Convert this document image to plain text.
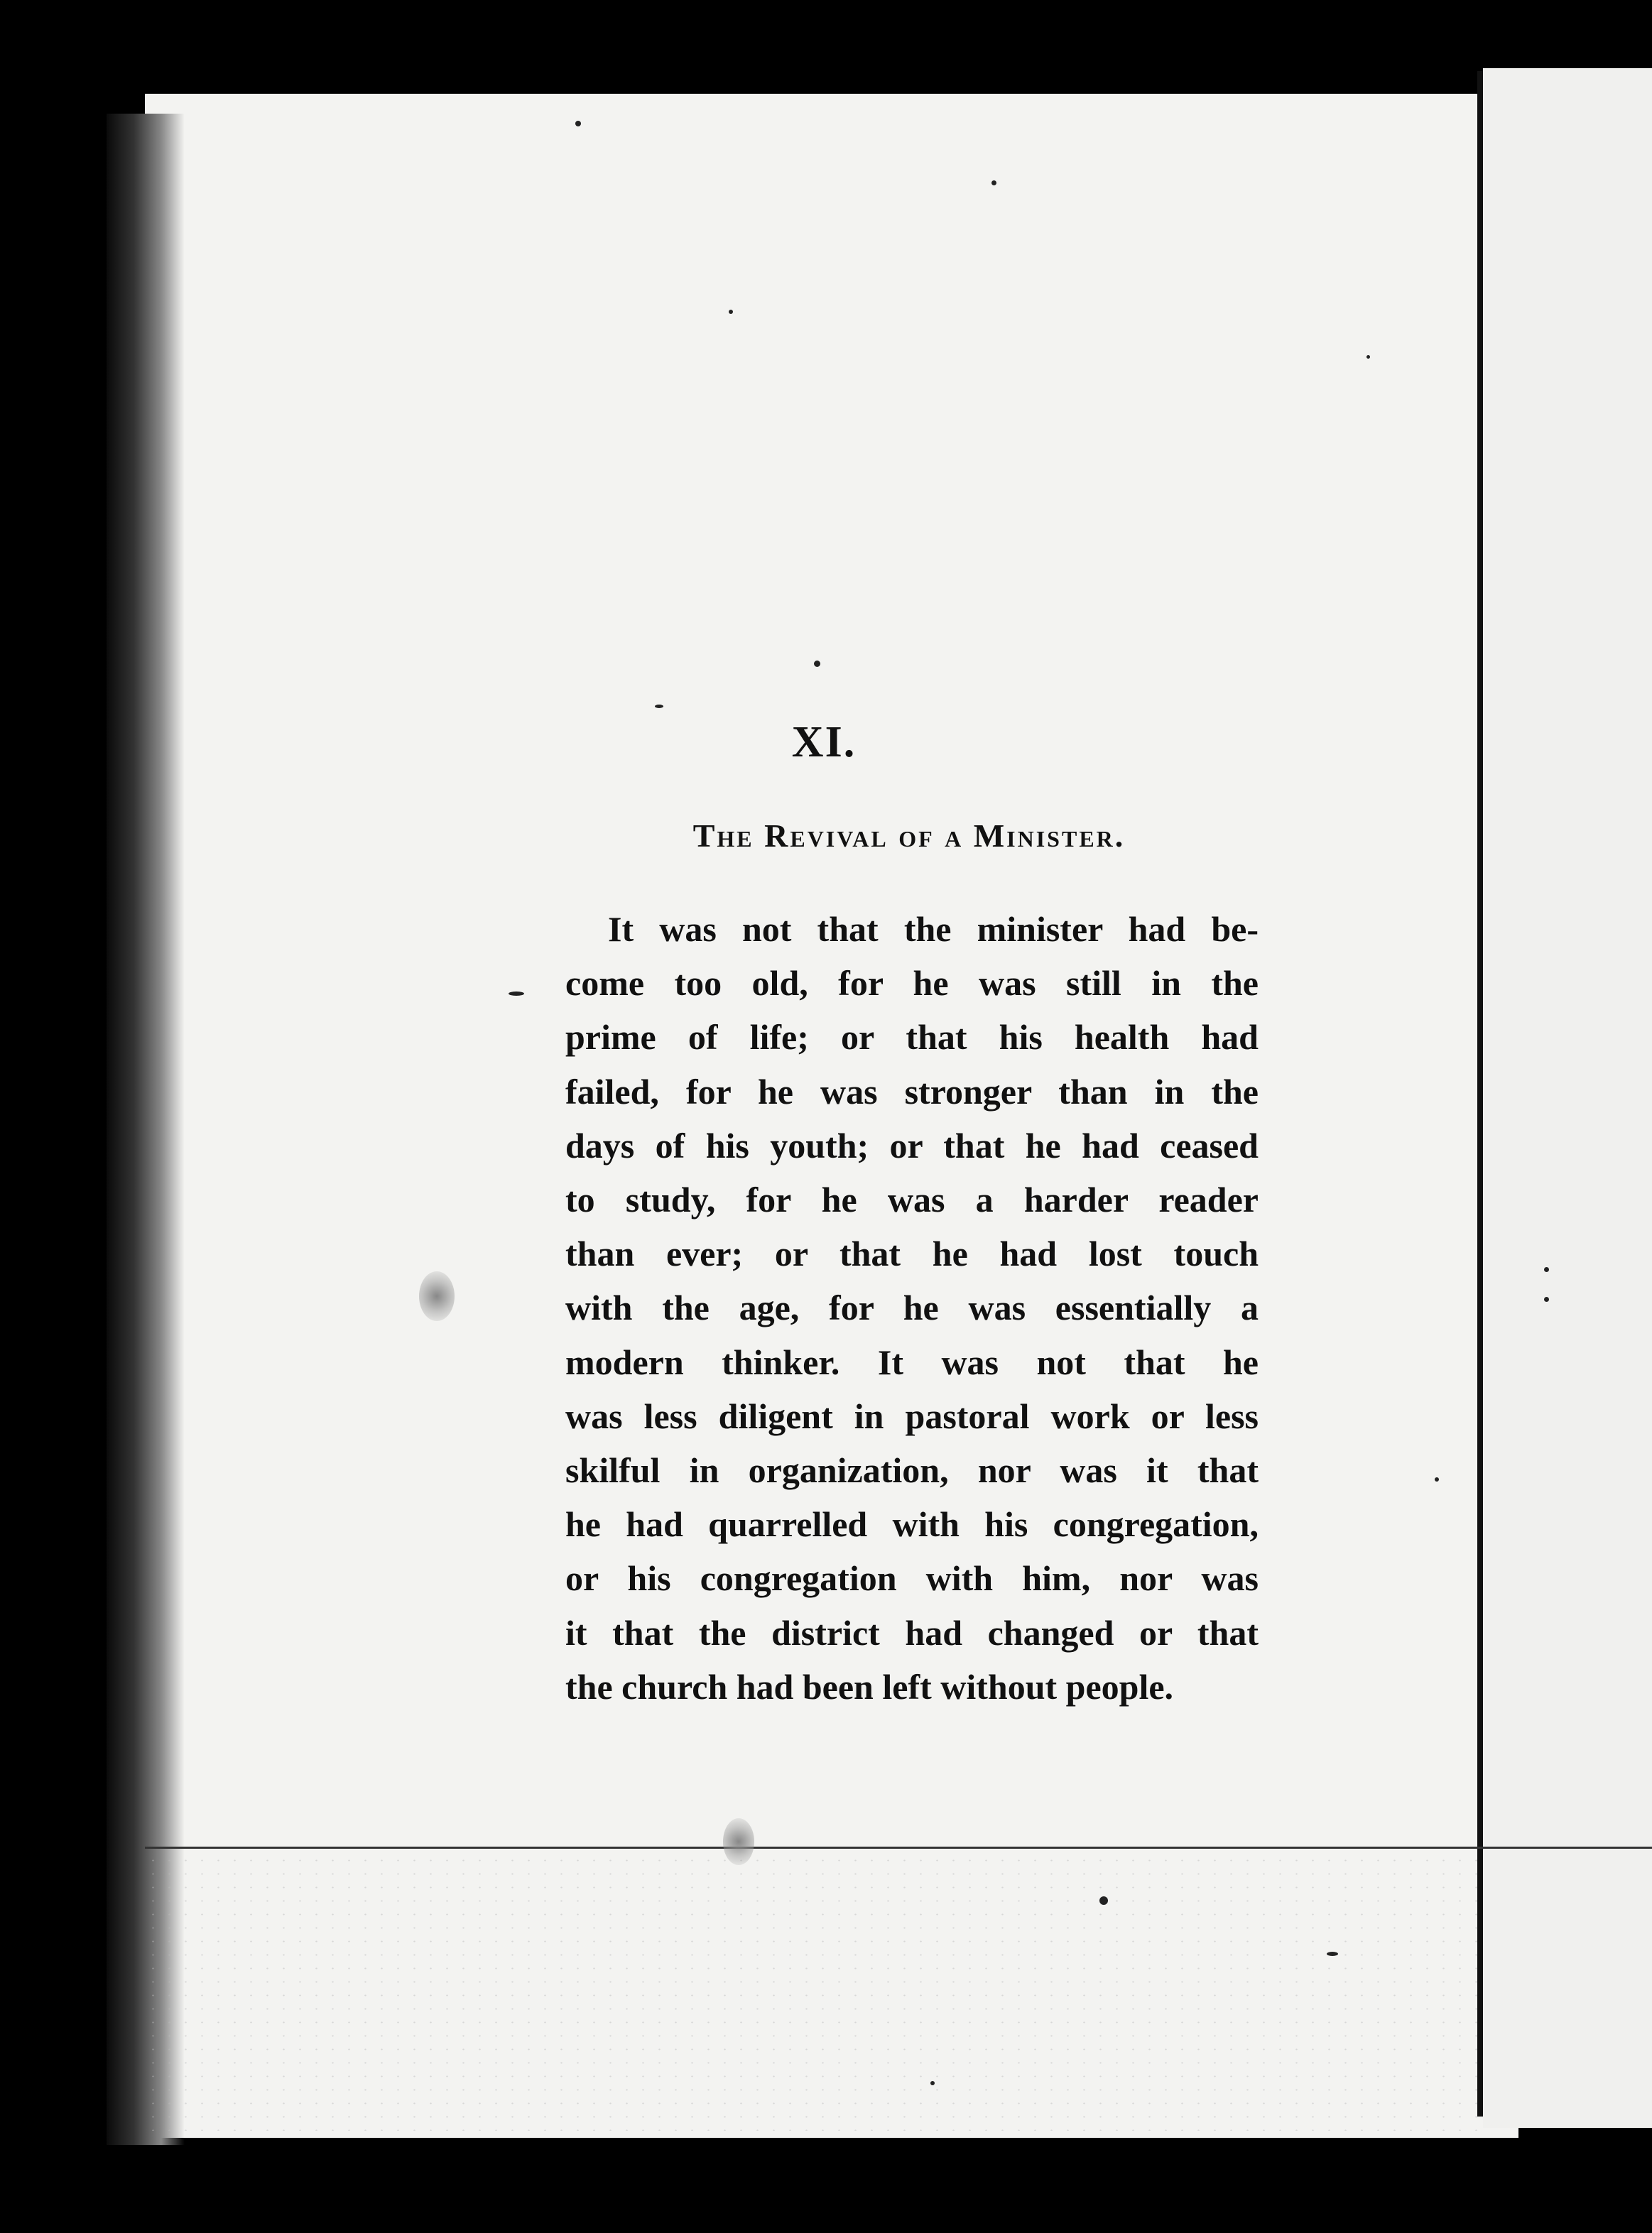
XI.
The Revival of a Minister.
It was not that the minister had be-
come too old, for he was still in the
prime of life; or that his health had
failed, for he was stronger than in the
days of his youth; or that he had ceased
to study, for he was a harder reader
than ever; or that he had lost touch
with the age, for he was essentially a
modern thinker. It was not that he
was less diligent in pastoral work or less
skilful in organization, nor was it that
he had quarrelled with his congregation,
or his congregation with him, nor was
it that the district had changed or that
the church had been left without people.
